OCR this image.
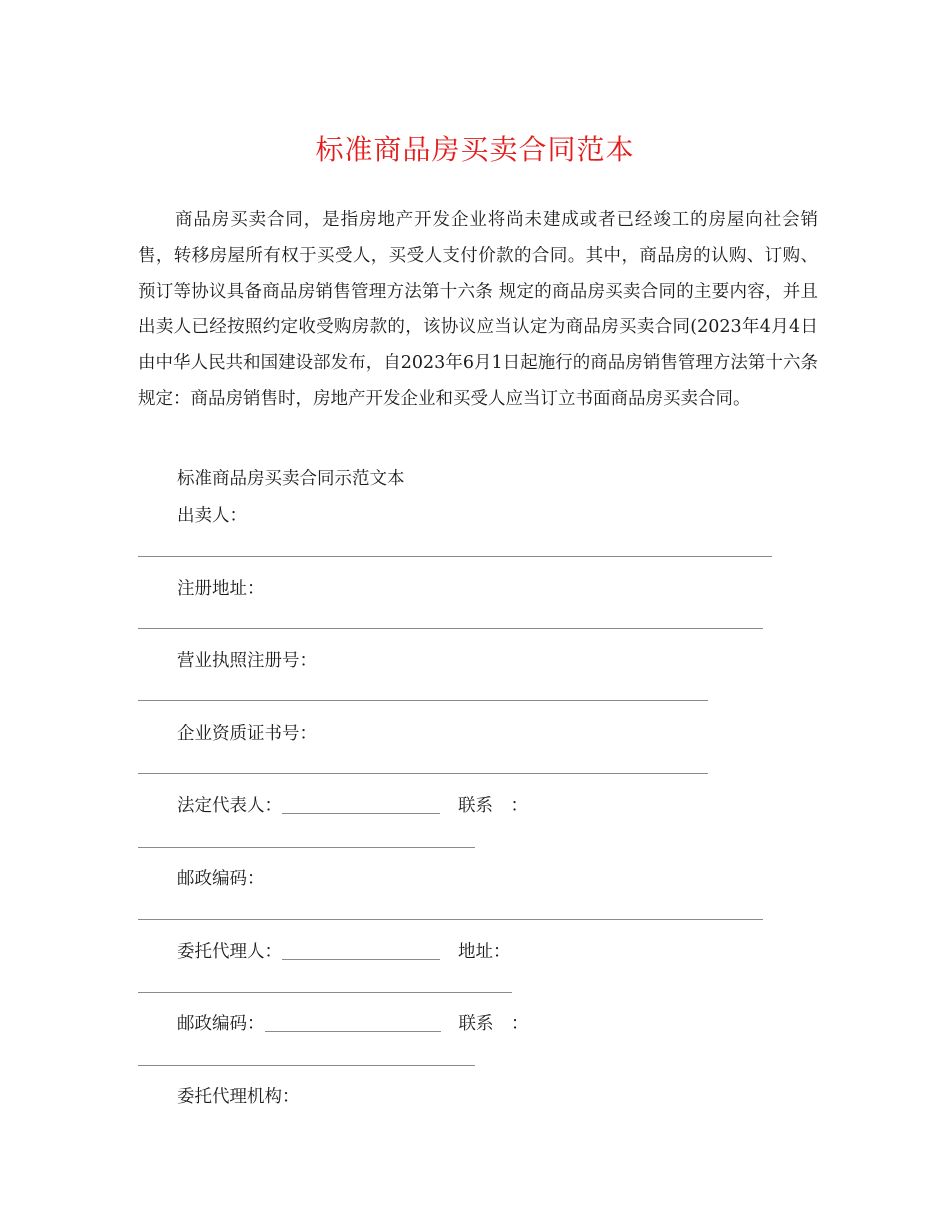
标准商品房买卖合同范本

商品房买卖合同，是指房地产开发企业将尚未建成或者已经竣工的房屋向社会销售，转移房屋所有权于买受人，买受人支付价款的合同。其中，商品房的认购、订购、预订等协议具备商品房销售管理方法第十六条 规定的商品房买卖合同的主要内容，并且出卖人已经按照约定收受购房款的，该协议应当认定为商品房买卖合同(2023年4月4日由中华人民共和国建设部发布，自2023年6月1日起施行的商品房销售管理方法第十六条 规定：商品房销售时，房地产开发企业和买受人应当订立书面商品房买卖合同。

标准商品房买卖合同示范文本
出卖人：
注册地址：
营业执照注册号：
企业资质证书号：
法定代表人：	联系　：
邮政编码：
委托代理人：	地址：
邮政编码：	联系　：
委托代理机构：
